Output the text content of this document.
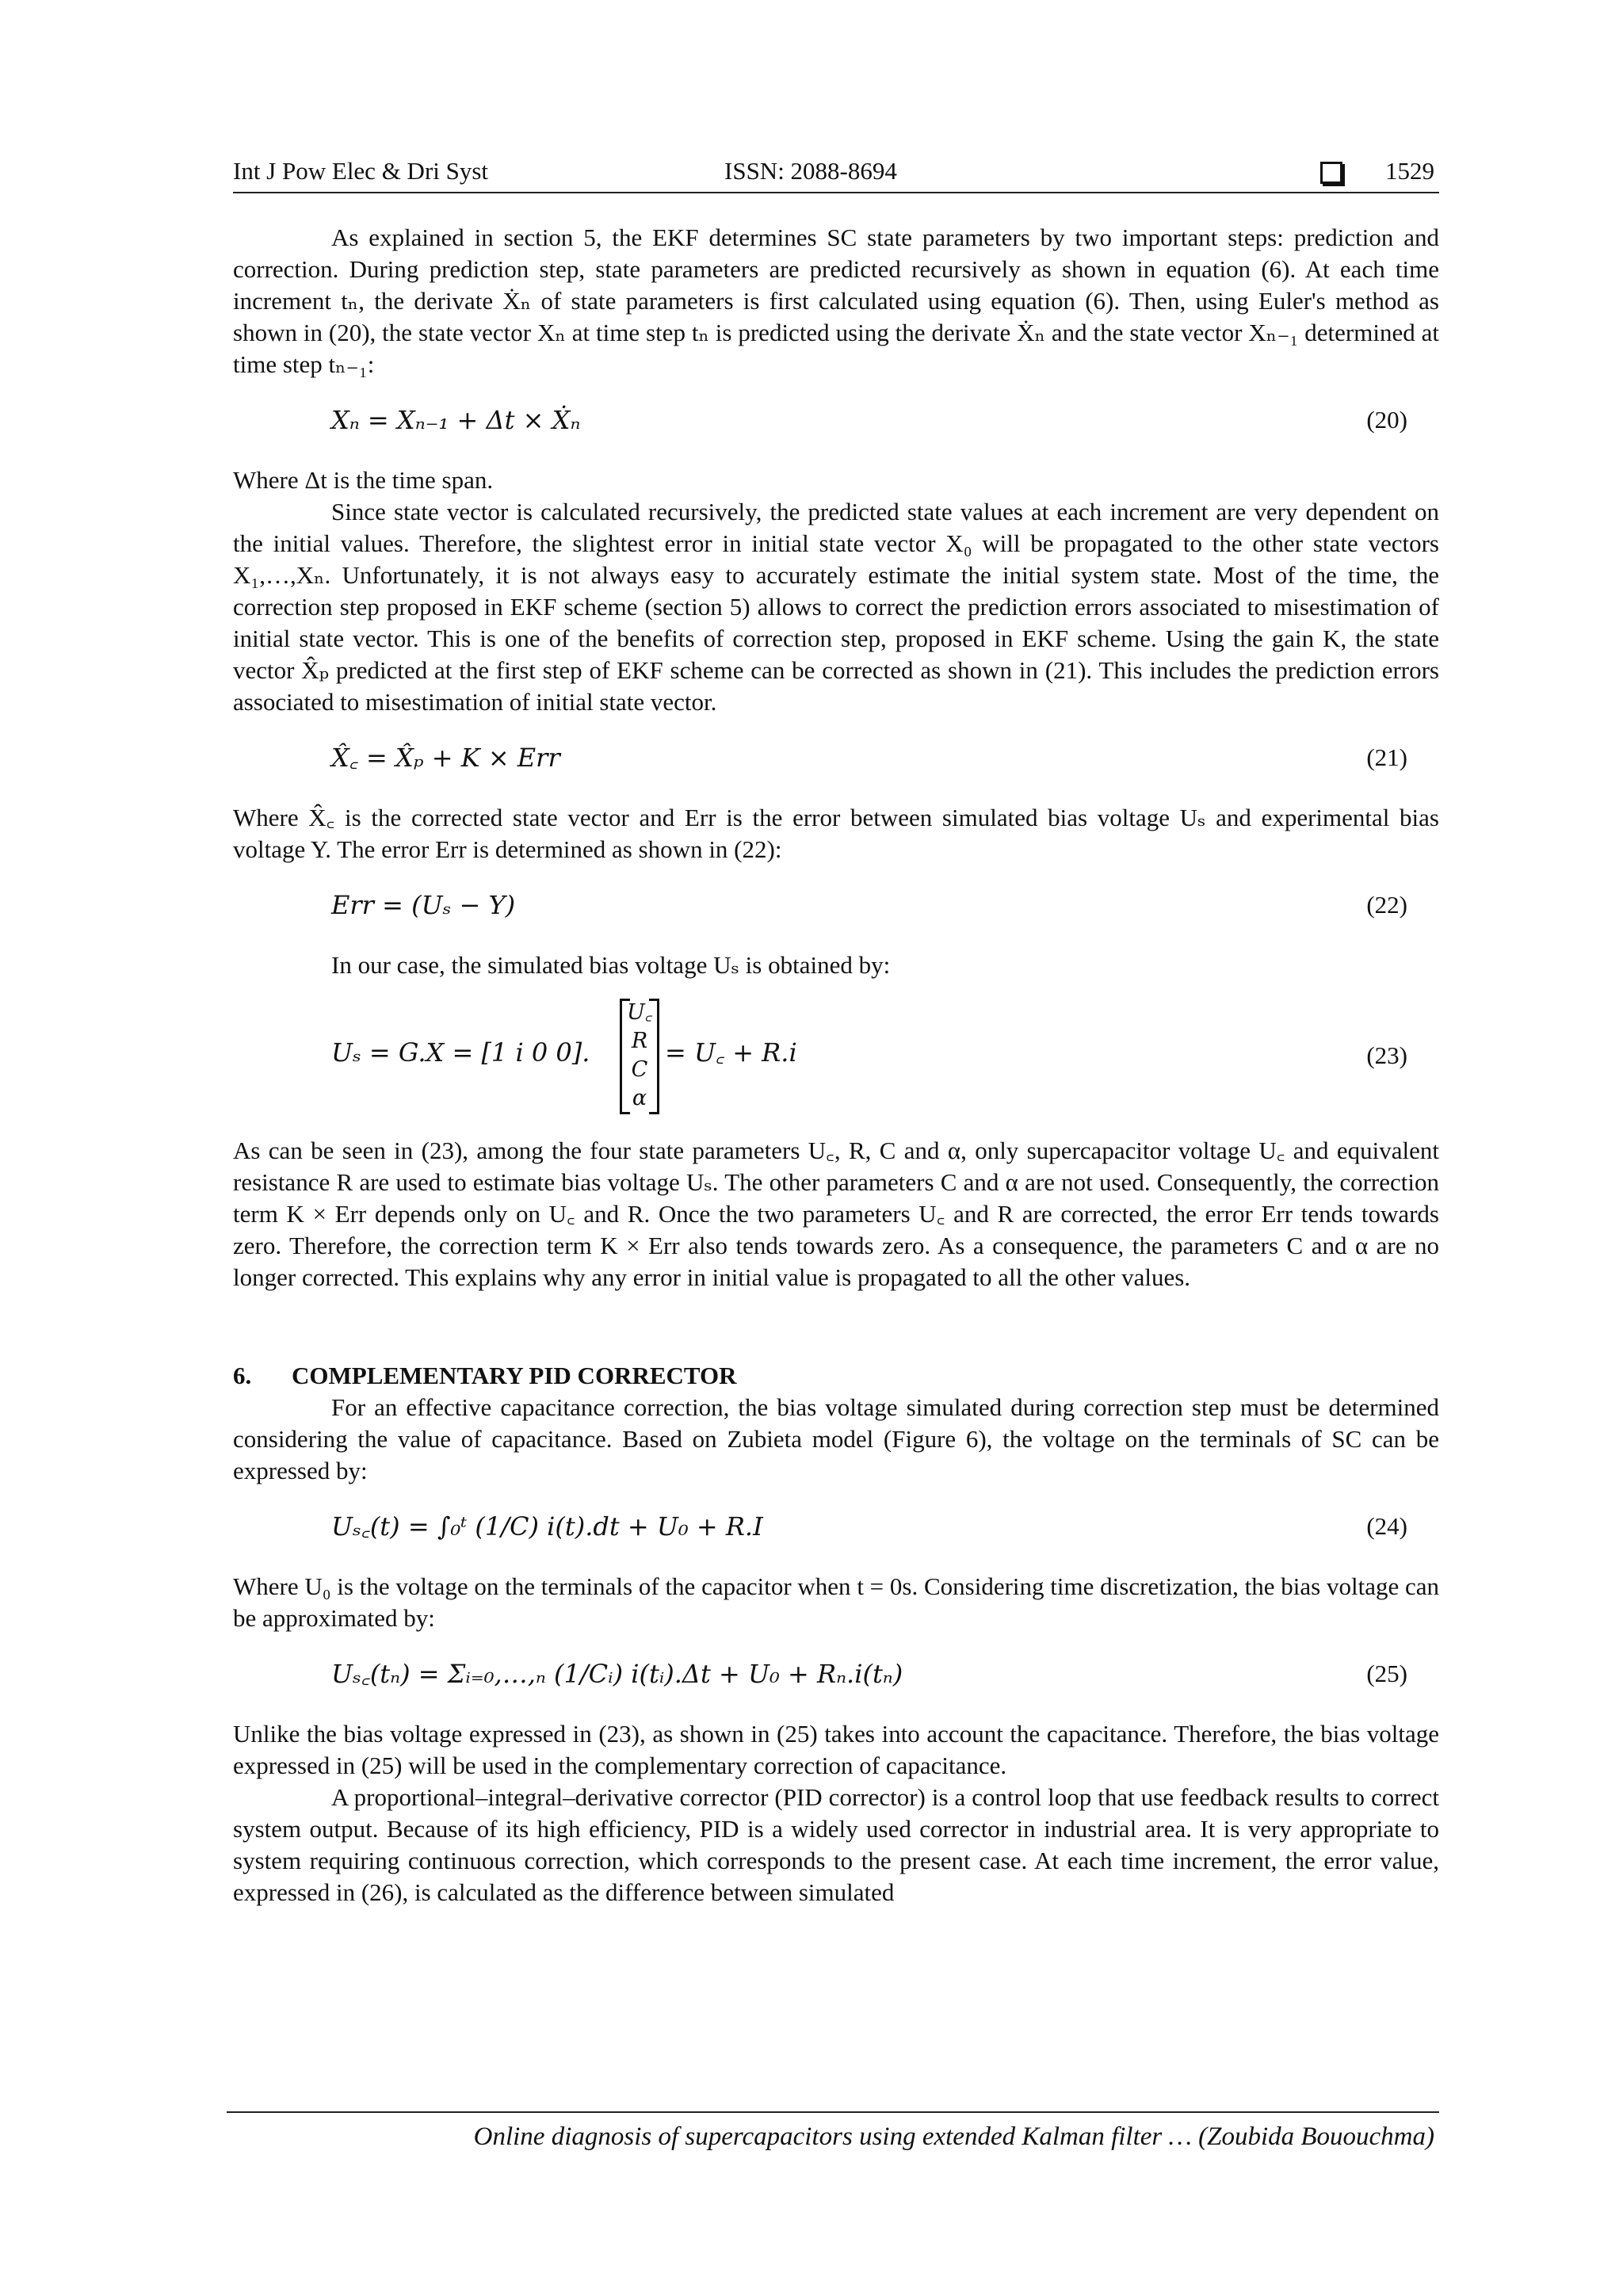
Int J Pow Elec & Dri Syst	ISSN: 2088-8694	1529

As explained in section 5, the EKF determines SC state parameters by two important steps: prediction and correction. During prediction step, state parameters are predicted recursively as shown in equation (6). At each time increment tₙ, the derivate Ẋₙ of state parameters is first calculated using equation (6). Then, using Euler's method as shown in (20), the state vector Xₙ at time step tₙ is predicted using the derivate Ẋₙ and the state vector Xₙ₋₁ determined at time step tₙ₋₁:

Xₙ = Xₙ₋₁ + Δt × Ẋₙ	(20)

Where Δt is the time span.

Since state vector is calculated recursively, the predicted state values at each increment are very dependent on the initial values. Therefore, the slightest error in initial state vector X₀ will be propagated to the other state vectors X₁,…,Xₙ. Unfortunately, it is not always easy to accurately estimate the initial system state. Most of the time, the correction step proposed in EKF scheme (section 5) allows to correct the prediction errors associated to misestimation of initial state vector. This is one of the benefits of correction step, proposed in EKF scheme. Using the gain K, the state vector X̂ₚ predicted at the first step of EKF scheme can be corrected as shown in (21). This includes the prediction errors associated to misestimation of initial state vector.

X̂꜀ = X̂ₚ + K × Err	(21)

Where X̂꜀ is the corrected state vector and Err is the error between simulated bias voltage Uₛ and experimental bias voltage Y. The error Err is determined as shown in (22):

Err = (Uₛ − Y)	(22)

In our case, the simulated bias voltage Uₛ is obtained by:

Uₛ = G.X = [1 i 0 0].
U꜀
R
C
α
= U꜀ + R.i	(23)

As can be seen in (23), among the four state parameters U꜀, R, C and α, only supercapacitor voltage U꜀ and equivalent resistance R are used to estimate bias voltage Uₛ. The other parameters C and α are not used. Consequently, the correction term K × Err depends only on U꜀ and R. Once the two parameters U꜀ and R are corrected, the error Err tends towards zero. Therefore, the correction term K × Err also tends towards zero. As a consequence, the parameters C and α are no longer corrected. This explains why any error in initial value is propagated to all the other values.

6. COMPLEMENTARY PID CORRECTOR

For an effective capacitance correction, the bias voltage simulated during correction step must be determined considering the value of capacitance. Based on Zubieta model (Figure 6), the voltage on the terminals of SC can be expressed by:

Uₛ꜀(t) = ∫₀ᵗ (1/C) i(t).dt + U₀ + R.I	(24)

Where U₀ is the voltage on the terminals of the capacitor when t = 0s. Considering time discretization, the bias voltage can be approximated by:

Uₛ꜀(tₙ) = Σᵢ₌₀,…,ₙ (1/Cᵢ) i(tᵢ).Δt + U₀ + Rₙ.i(tₙ)	(25)

Unlike the bias voltage expressed in (23), as shown in (25) takes into account the capacitance. Therefore, the bias voltage expressed in (25) will be used in the complementary correction of capacitance.

A proportional–integral–derivative corrector (PID corrector) is a control loop that use feedback results to correct system output. Because of its high efficiency, PID is a widely used corrector in industrial area. It is very appropriate to system requiring continuous correction, which corresponds to the present case. At each time increment, the error value, expressed in (26), is calculated as the difference between simulated

Online diagnosis of supercapacitors using extended Kalman filter … (Zoubida Bououchma)
